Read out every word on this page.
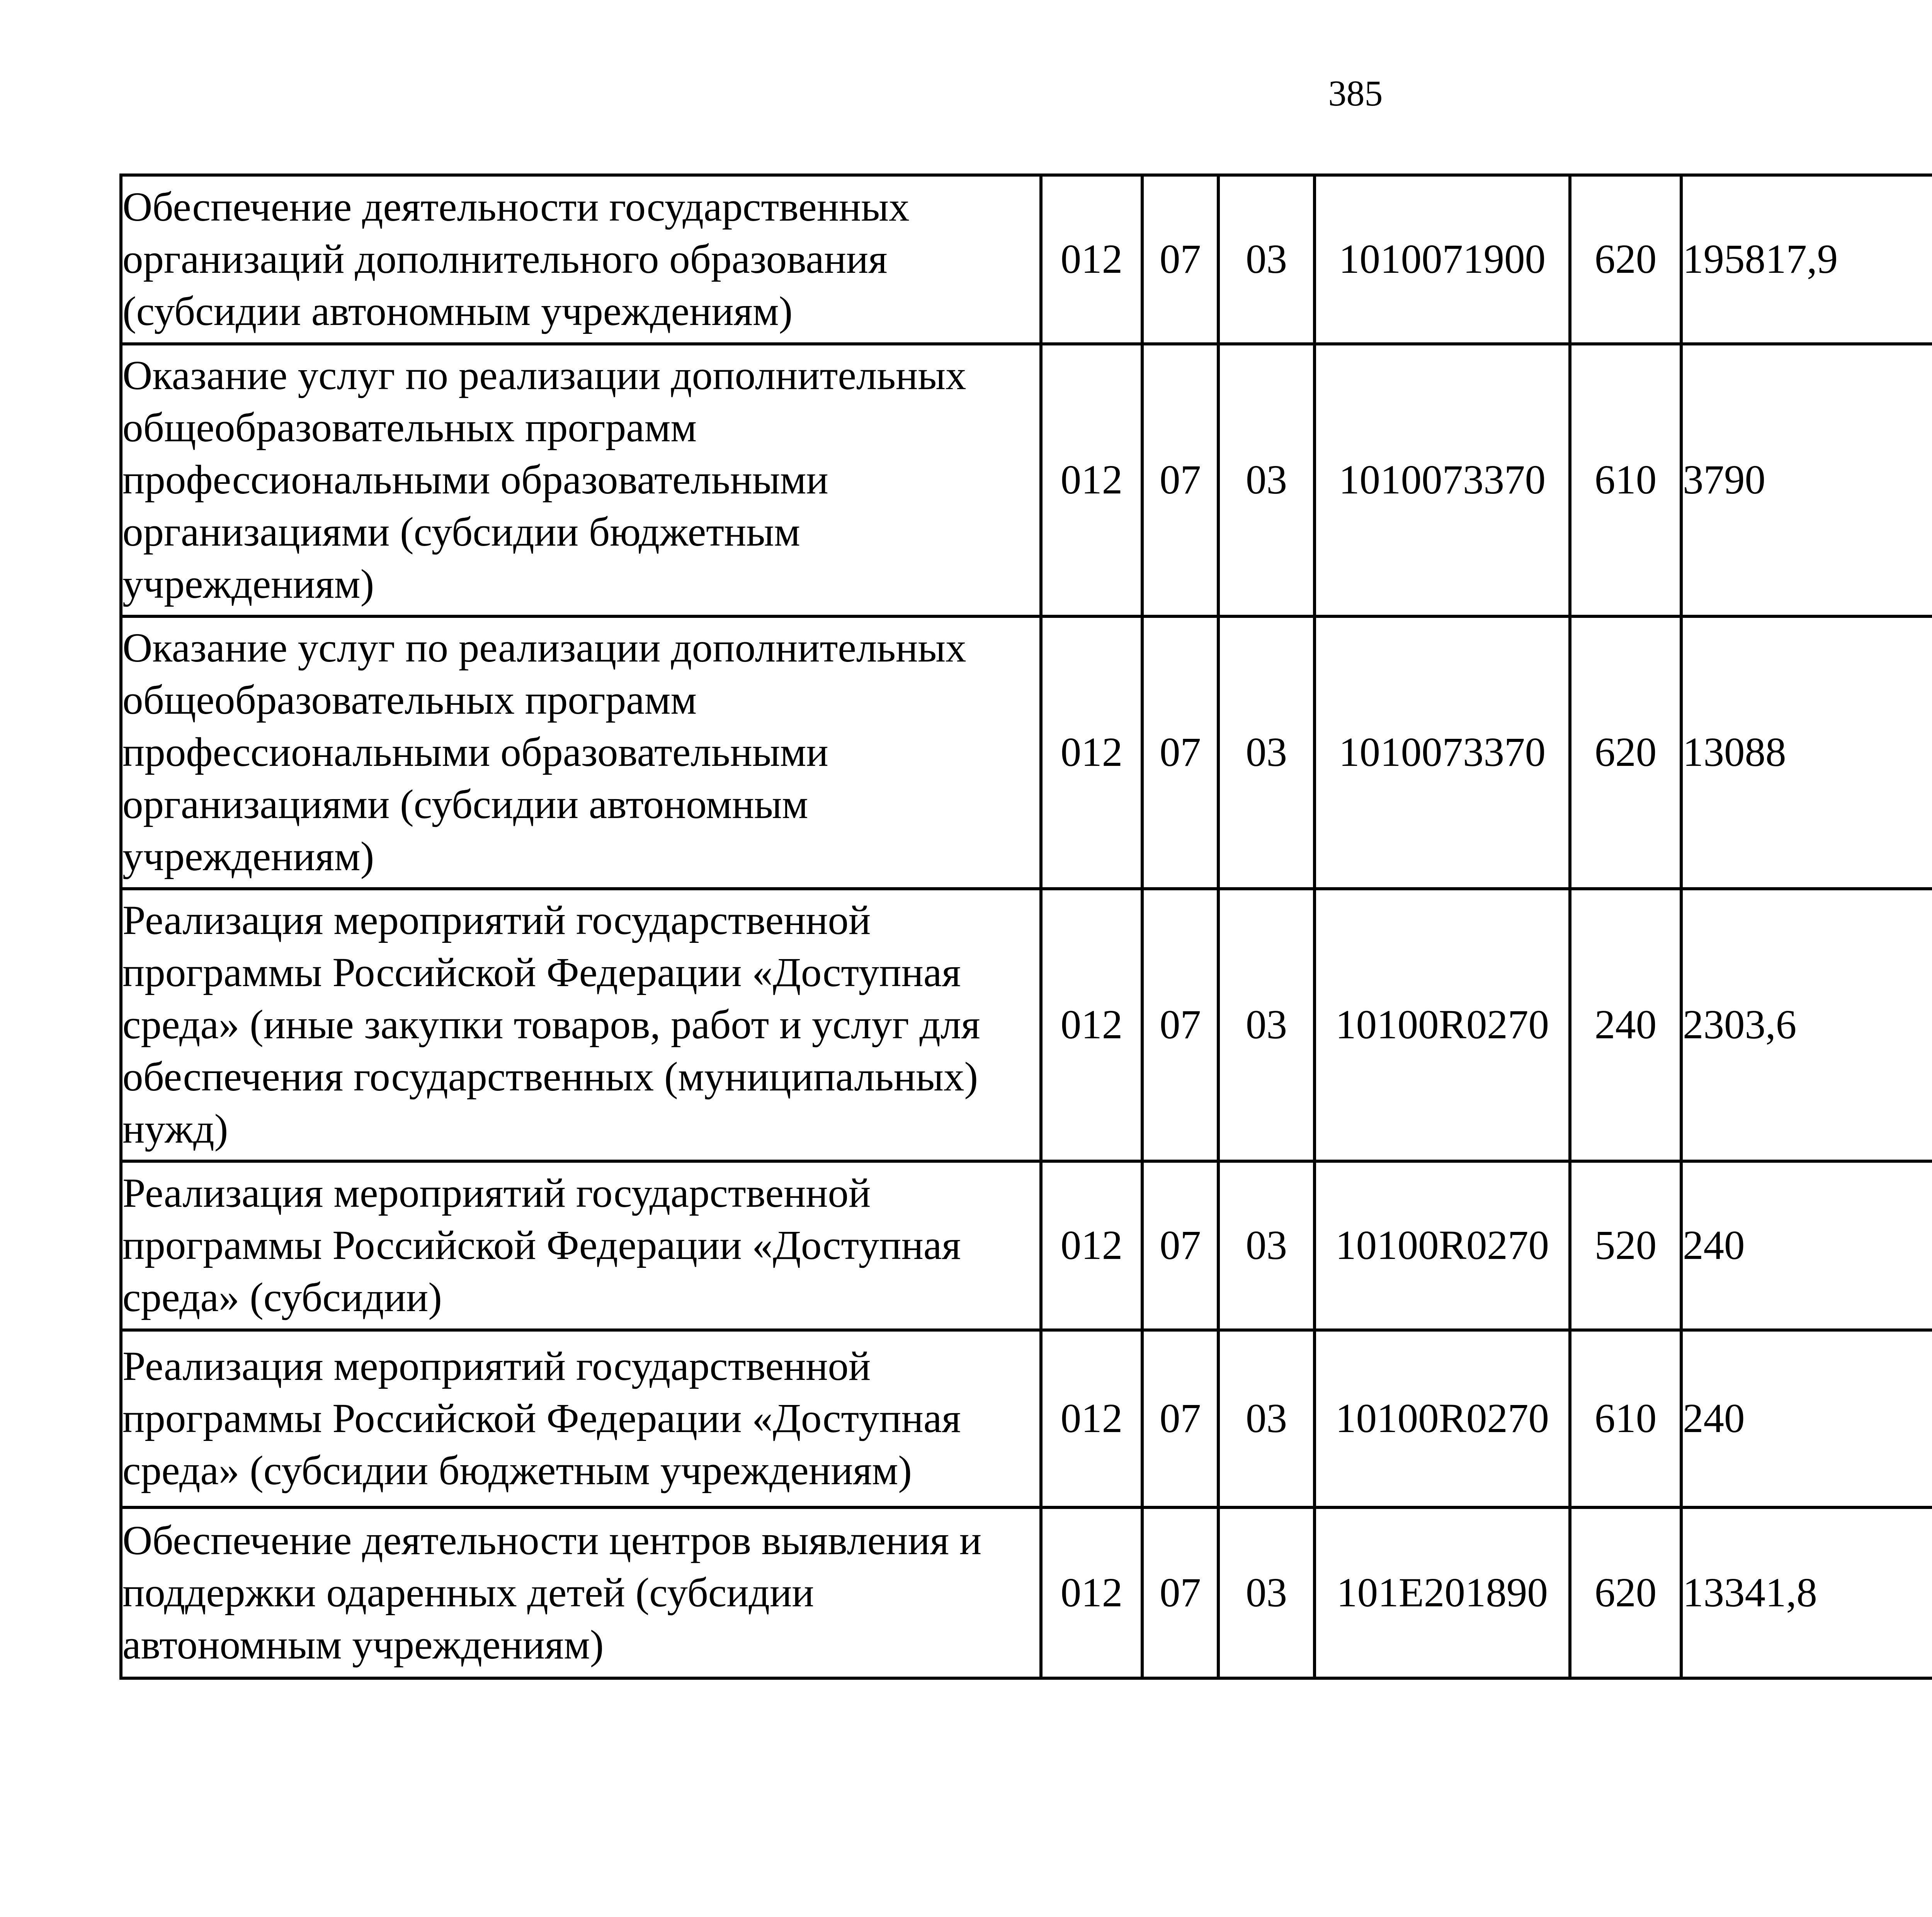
385
Обеспечение деятельности государственных организаций дополнительного образования (субсидии автономным учреждениям)	012	07	03	1010071900	620	195817,9		
Оказание услуг по реализации дополнительных общеобразовательных программ профессиональными образовательными организациями (субсидии бюджетным учреждениям)	012	07	03	1010073370	610	3790		
Оказание услуг по реализации дополнительных общеобразовательных программ профессиональными образовательными организациями (субсидии автономным учреждениям)	012	07	03	1010073370	620	13088		
Реализация мероприятий государственной программы Российской Федерации «Доступная среда» (иные закупки товаров, работ и услуг для обеспечения государственных (муниципальных) нужд)	012	07	03	10100R0270	240	2303,6		
Реализация мероприятий государственной программы Российской Федерации «Доступная среда» (субсидии)	012	07	03	10100R0270	520	240		
Реализация мероприятий государственной программы Российской Федерации «Доступная среда» (субсидии бюджетным учреждениям)	012	07	03	10100R0270	610	240		
Обеспечение деятельности центров выявления и поддержки одаренных детей (субсидии автономным учреждениям)	012	07	03	101E201890	620	13341,8		
